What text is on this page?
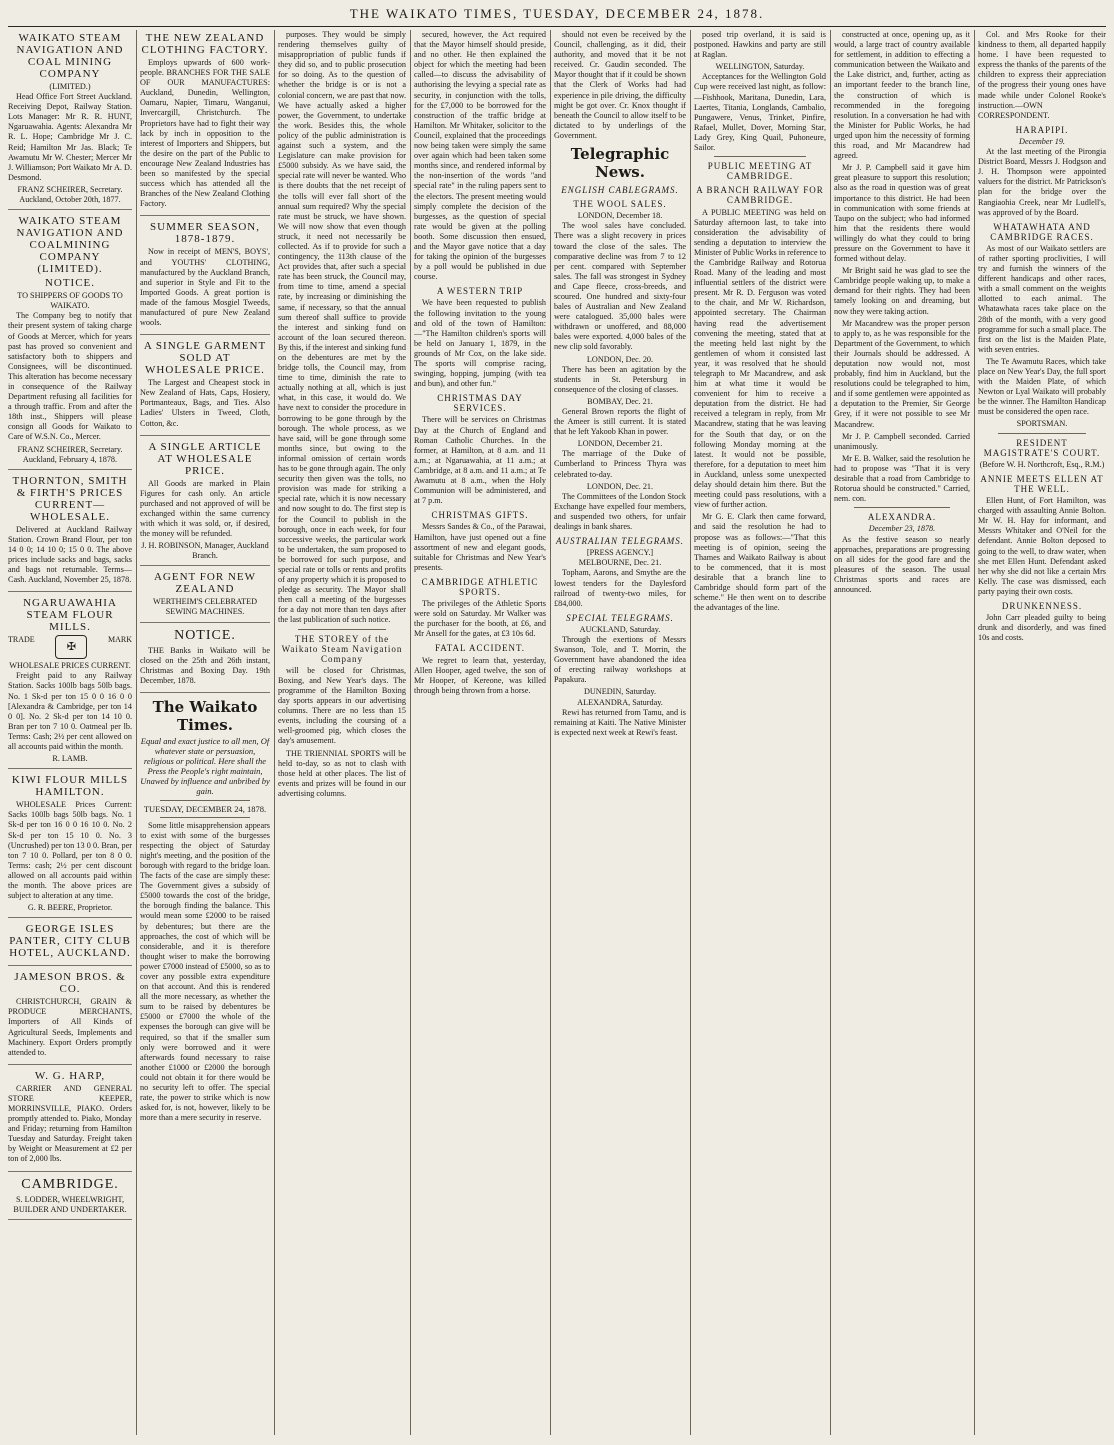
THE WAIKATO TIMES, TUESDAY, DECEMBER 24, 1878.
WAIKATO STEAM NAVIGATION AND COAL MINING COMPANY
(LIMITED.)

Head Office Fort Street Auckland. Receiving Depot, Railway Station. Lots Manager: Mr R. R. HUNT, Ngaruawahia. Agents: Alexandra Mr R. L. Hope; Cambridge Mr J. C. Reid; Hamilton Mr Jas. Black; Te Awamutu Mr W. Chester; Mercer Mr J. Williamson; Port Waikato Mr A. D. Desmond.

FRANZ SCHEIRER, Secretary. Auckland, October 20th, 1877.
WAIKATO STEAM NAVIGATION AND COALMINING COMPANY (LIMITED).
NOTICE.
TO SHIPPERS OF GOODS TO WAIKATO.

The Company beg to notify that their present system of taking charge of Goods at Mercer, which for years past has proved so convenient and satisfactory both to shippers and Consignees, will be discontinued. This alteration has become necessary in consequence of the Railway Department refusing all facilities for a through traffic. From and after the 18th inst., Shippers will please consign all Goods for Waikato to Care of W.S.N. Co., Mercer.

FRANZ SCHEIRER, Secretary. Auckland, February 4, 1878.
THORNTON, SMITH & FIRTH'S PRICES CURRENT—WHOLESALE.

Delivered at Auckland Railway Station. Crown Brand Flour, per ton 14 0 0; 14 10 0; 15 0 0. The above prices include sacks and bags, sacks and bags not returnable. Terms—Cash. Auckland, November 25, 1878.

NGARUAWAHIA STEAM FLOUR MILLS.
TRADE
✠
MARK
WHOLESALE PRICES CURRENT.

Freight paid to any Railway Station. Sacks 100lb bags 50lb bags. No. 1 Sk-d per ton 15 0 0 16 0 0 [Alexandra & Cambridge, per ton 14 0 0]. No. 2 Sk-d per ton 14 10 0. Bran per ton 7 10 0. Oatmeal per lb. Terms: Cash; 2½ per cent allowed on all accounts paid within the month.

R. LAMB.
KIWI FLOUR MILLS HAMILTON.

WHOLESALE Prices Current: Sacks 100lb bags 50lb bags. No. 1 Sk-d per ton 16 0 0 16 10 0. No. 2 Sk-d per ton 15 10 0. No. 3 (Uncrushed) per ton 13 0 0. Bran, per ton 7 10 0. Pollard, per ton 8 0 0. Terms: cash; 2½ per cent discount allowed on all accounts paid within the month. The above prices are subject to alteration at any time.

G. R. BEERE, Proprietor.
GEORGE ISLES PANTER, CITY CLUB HOTEL, AUCKLAND.
JAMESON BROS. & CO.

CHRISTCHURCH, GRAIN & PRODUCE MERCHANTS, Importers of All Kinds of Agricultural Seeds, Implements and Machinery. Export Orders promptly attended to.

W. G. HARP,

CARRIER AND GENERAL STORE KEEPER, MORRINSVILLE, PIAKO. Orders promptly attended to. Piako, Monday and Friday; returning from Hamilton Tuesday and Saturday. Freight taken by Weight or Measurement at £2 per ton of 2,000 lbs.

CAMBRIDGE.
S. LODDER, WHEELWRIGHT, BUILDER AND UNDERTAKER.
THE NEW ZEALAND CLOTHING FACTORY.

Employs upwards of 600 work-people. BRANCHES FOR THE SALE OF OUR MANUFACTURES: Auckland, Dunedin, Wellington, Oamaru, Napier, Timaru, Wanganui, Invercargill, Christchurch. The Proprietors have had to fight their way lack by inch in opposition to the interest of Importers and Shippers, but the desire on the part of the Public to encourage New Zealand Industries has been so manifested by the special success which has attended all the Branches of the New Zealand Clothing Factory.

SUMMER SEASON, 1878-1879.

Now in receipt of MEN'S, BOYS', and YOUTHS' CLOTHING, manufactured by the Auckland Branch, and superior in Style and Fit to the Imported Goods. A great portion is made of the famous Mosgiel Tweeds, manufactured of pure New Zealand wools.

A SINGLE GARMENT SOLD AT WHOLESALE PRICE.

The Largest and Cheapest stock in New Zealand of Hats, Caps, Hosiery, Portmanteaux, Bags, and Ties. Also Ladies' Ulsters in Tweed, Cloth, Cotton, &c.

A SINGLE ARTICLE AT WHOLESALE PRICE.

All Goods are marked in Plain Figures for cash only. An article purchased and not approved of will be exchanged within the same currency with which it was sold, or, if desired, the money will be refunded.

J. H. ROBINSON, Manager, Auckland Branch.
AGENT FOR NEW ZEALAND
WERTHEIM'S CELEBRATED SEWING MACHINES.
NOTICE.

THE Banks in Waikato will be closed on the 25th and 26th instant, Christmas and Boxing Day. 19th December, 1878.

The Waikato Times.
Equal and exact justice to all men, Of whatever state or persuasion, religious or political. Here shall the Press the People's right maintain, Unawed by influence and unbribed by gain.
TUESDAY, DECEMBER 24, 1878.

Some little misapprehension appears to exist with some of the burgesses respecting the object of Saturday night's meeting, and the position of the borough with regard to the bridge loan. The facts of the case are simply these: The Government gives a subsidy of £5000 towards the cost of the bridge, the borough finding the balance. This would mean some £2000 to be raised by debentures; but there are the approaches, the cost of which will be considerable, and it is therefore thought wiser to make the borrowing power £7000 instead of £5000, so as to cover any possible extra expenditure on that account. And this is rendered all the more necessary, as whether the sum to be raised by debentures be £5000 or £7000 the whole of the expenses the borough can give will be required, so that if the smaller sum only were borrowed and it were afterwards found necessary to raise another £1000 or £2000 the borough could not obtain it for there would be no security left to offer. The special rate, the power to strike which is now asked for, is not, however, likely to be more than a mere security in reserve.

purposes. They would be simply rendering themselves guilty of misappropriation of public funds if they did so, and to public prosecution for so doing. As to the question of whether the bridge is or is not a colonial concern, we are past that now. We have actually asked a higher power, the Government, to undertake the work. Besides this, the whole policy of the public administration is against such a system, and the Legislature can make provision for £5000 subsidy. As we have said, the special rate will never be wanted. Who is there doubts that the net receipt of the tolls will ever fall short of the annual sum required? Why the special rate must be struck, we have shown. We will now show that even though struck, it need not necessarily be collected. As if to provide for such a contingency, the 113th clause of the Act provides that, after such a special rate has been struck, the Council may, from time to time, amend a special rate, by increasing or diminishing the same, if necessary, so that the annual sum thereof shall suffice to provide the interest and sinking fund on account of the loan secured thereon. By this, if the interest and sinking fund on the debentures are met by the bridge tolls, the Council may, from time to time, diminish the rate to actually nothing at all, which is just what, in this case, it would do. We have next to consider the procedure in borrowing to be gone through by the borough. The whole process, as we have said, will be gone through some months since, but owing to the informal omission of certain words has to be gone through again. The only security then given was the tolls, no provision was made for striking a special rate, which it is now necessary and now sought to do. The first step is for the Council to publish in the borough, once in each week, for four successive weeks, the particular work to be undertaken, the sum proposed to be borrowed for such purpose, and special rate or tolls or rents and profits of any property which it is proposed to pledge as security. The Mayor shall then call a meeting of the burgesses for a day not more than ten days after the last publication of such notice.

THE STOREY of the Waikato Steam Navigation Company

will be closed for Christmas, Boxing, and New Year's days. The programme of the Hamilton Boxing day sports appears in our advertising columns. There are no less than 15 events, including the coursing of a well-groomed pig, which closes the day's amusement.

THE TRIENNIAL SPORTS will be held to-day, so as not to clash with those held at other places. The list of events and prizes will be found in our advertising columns.

secured, however, the Act required that the Mayor himself should preside, and no other. He then explained the object for which the meeting had been called—to discuss the advisability of authorising the levying a special rate as security, in conjunction with the tolls, for the £7,000 to be borrowed for the construction of the traffic bridge at Hamilton. Mr Whitaker, solicitor to the Council, explained that the proceedings now being taken were simply the same over again which had been taken some months since, and rendered informal by the non-insertion of the words "and special rate" in the ruling papers sent to the electors. The present meeting would simply complete the decision of the burgesses, as the question of special rate would be given at the polling booth. Some discussion then ensued, and the Mayor gave notice that a day for taking the opinion of the burgesses by a poll would be published in due course.

A WESTERN TRIP

We have been requested to publish the following invitation to the young and old of the town of Hamilton:—"The Hamilton children's sports will be held on January 1, 1879, in the grounds of Mr Cox, on the lake side. The sports will comprise racing, swinging, hopping, jumping (with tea and bun), and other fun."

CHRISTMAS DAY SERVICES.

There will be services on Christmas Day at the Church of England and Roman Catholic Churches. In the former, at Hamilton, at 8 a.m. and 11 a.m.; at Ngaruawahia, at 11 a.m.; at Cambridge, at 8 a.m. and 11 a.m.; at Te Awamutu at 8 a.m., when the Holy Communion will be administered, and at 7 p.m.

CHRISTMAS GIFTS.

Messrs Sandes & Co., of the Parawai, Hamilton, have just opened out a fine assortment of new and elegant goods, suitable for Christmas and New Year's presents.

CAMBRIDGE ATHLETIC SPORTS.

The privileges of the Athletic Sports were sold on Saturday. Mr Walker was the purchaser for the booth, at £6, and Mr Ansell for the gates, at £3 10s 6d.

FATAL ACCIDENT.

We regret to learn that, yesterday, Allen Hooper, aged twelve, the son of Mr Hooper, of Kereone, was killed through being thrown from a horse.

should not even be received by the Council, challenging, as it did, their authority, and moved that it be not received. Cr. Gaudin seconded. The Mayor thought that if it could be shown that the Clerk of Works had had experience in pile driving, the difficulty might be got over. Cr. Knox thought if beneath the Council to allow itself to be dictated to by underlings of the Government.

Telegraphic News.
ENGLISH CABLEGRAMS.
THE WOOL SALES.
LONDON, December 18.

The wool sales have concluded. There was a slight recovery in prices toward the close of the sales. The comparative decline was from 7 to 12 per cent. compared with September sales. The fall was strongest in Sydney and Cape fleece, cross-breeds, and scoured. One hundred and sixty-four bales of Australian and New Zealand were catalogued. 35,000 bales were withdrawn or unoffered, and 88,000 bales were exported. 4,000 bales of the new clip sold favorably.

LONDON, Dec. 20.

There has been an agitation by the students in St. Petersburg in consequence of the closing of classes.

BOMBAY, Dec. 21.

General Brown reports the flight of the Ameer is still current. It is stated that he left Yakoob Khan in power.

LONDON, December 21.

The marriage of the Duke of Cumberland to Princess Thyra was celebrated to-day.

LONDON, Dec. 21.

The Committees of the London Stock Exchange have expelled four members, and suspended two others, for unfair dealings in bank shares.

AUSTRALIAN TELEGRAMS.
[PRESS AGENCY.]
MELBOURNE, Dec. 21.

Topham, Aarons, and Smythe are the lowest tenders for the Daylesford railroad of twenty-two miles, for £84,000.

SPECIAL TELEGRAMS.
AUCKLAND, Saturday.

Through the exertions of Messrs Swanson, Tole, and T. Morrin, the Government have abandoned the idea of erecting railway workshops at Papakura.

DUNEDIN, Saturday.
ALEXANDRA, Saturday.

Rewi has returned from Tamu, and is remaining at Kaiti. The Native Minister is expected next week at Rewi's feast.

posed trip overland, it is said is postponed. Hawkins and party are still at Raglan.

WELLINGTON, Saturday.

Acceptances for the Wellington Gold Cup were received last night, as follow: —Fishhook, Maritana, Dunedin, Lara, Laertes, Titania, Longlands, Cambalio, Pungawere, Venus, Trinket, Pinfire, Rafael, Mullet, Dover, Morning Star, Lady Grey, King Quail, Puhoneure, Sailor.

PUBLIC MEETING AT CAMBRIDGE.
A BRANCH RAILWAY FOR CAMBRIDGE.

A PUBLIC MEETING was held on Saturday afternoon last, to take into consideration the advisability of sending a deputation to interview the Minister of Public Works in reference to the Cambridge Railway and Rotorua Road. Many of the leading and most influential settlers of the district were present. Mr R. D. Ferguson was voted to the chair, and Mr W. Richardson, appointed secretary. The Chairman having read the advertisement convening the meeting, stated that at the meeting held last night by the gentlemen of whom it consisted last year, it was resolved that he should telegraph to Mr Macandrew, and ask him at what time it would be convenient for him to receive a deputation from the district. He had received a telegram in reply, from Mr Macandrew, stating that he was leaving for the South that day, or on the following Monday morning at the latest. It would not be possible, therefore, for a deputation to meet him in Auckland, unless some unexpected delay should detain him there. But the meeting could pass resolutions, with a view of further action.

Mr G. E. Clark then came forward, and said the resolution he had to propose was as follows:—"That this meeting is of opinion, seeing the Thames and Waikato Railway is about to be commenced, that it is most desirable that a branch line to Cambridge should form part of the scheme." He then went on to describe the advantages of the line.

constructed at once, opening up, as it would, a large tract of country available for settlement, in addition to effecting a communication between the Waikato and the Lake district, and, further, acting as an important feeder to the branch line, the construction of which is recommended in the foregoing resolution. In a conversation he had with the Minister for Public Works, he had urged upon him the necessity of forming this road, and Mr Macandrew had agreed.

Mr J. P. Campbell said it gave him great pleasure to support this resolution; also as the road in question was of great importance to this district. He had been in communication with some friends at Taupo on the subject; who had informed him that the residents there would willingly do what they could to bring pressure on the Government to have it formed without delay.

Mr Bright said he was glad to see the Cambridge people waking up, to make a demand for their rights. They had been tamely looking on and dreaming, but now they were taking action.

Mr Macandrew was the proper person to apply to, as he was responsible for the Department of the Government, to which their Journals should be addressed. A deputation now would not, most probably, find him in Auckland, but the resolutions could be telegraphed to him, and if some gentlemen were appointed as a deputation to the Premier, Sir George Grey, if it were not possible to see Mr Macandrew.

Mr J. P. Campbell seconded. Carried unanimously.

Mr E. B. Walker, said the resolution he had to propose was "That it is very desirable that a road from Cambridge to Rotorua should be constructed." Carried, nem. con.

ALEXANDRA.
December 23, 1878.

As the festive season so nearly approaches, preparations are progressing on all sides for the good fare and the pleasures of the season. The usual Christmas sports and races are announced.

Col. and Mrs Rooke for their kindness to them, all departed happily home. I have been requested to express the thanks of the parents of the children to express their appreciation of the progress their young ones have made while under Colonel Rooke's instruction.—OWN CORRESPONDENT.

HARAPIPI.
December 19.

At the last meeting of the Pirongia District Board, Messrs J. Hodgson and J. H. Thompson were appointed valuers for the district. Mr Patrickson's plan for the bridge over the Rangiaohia Creek, near Mr Ludlell's, was approved of by the Board.

WHATAWHATA AND CAMBRIDGE RACES.

As most of our Waikato settlers are of rather sporting proclivities, I will try and furnish the winners of the different handicaps and other races, with a small comment on the weights allotted to each animal. The Whatawhata races take place on the 28th of the month, with a very good programme for such a small place. The first on the list is the Maiden Plate, with seven entries.

The Te Awamutu Races, which take place on New Year's Day, the full sport with the Maiden Plate, of which Newton or Lyal Waikato will probably be the winner. The Hamilton Handicap must be considered the open race.

SPORTSMAN.
RESIDENT MAGISTRATE'S COURT.
(Before W. H. Northcroft, Esq., R.M.)
ANNIE MEETS ELLEN AT THE WELL.

Ellen Hunt, of Fort Hamilton, was charged with assaulting Annie Bolton. Mr W. H. Hay for informant, and Messrs Whitaker and O'Neil for the defendant. Annie Bolton deposed to going to the well, to draw water, when she met Ellen Hunt. Defendant asked her why she did not like a certain Mrs Kelly. The case was dismissed, each party paying their own costs.

DRUNKENNESS.

John Carr pleaded guilty to being drunk and disorderly, and was fined 10s and costs.
